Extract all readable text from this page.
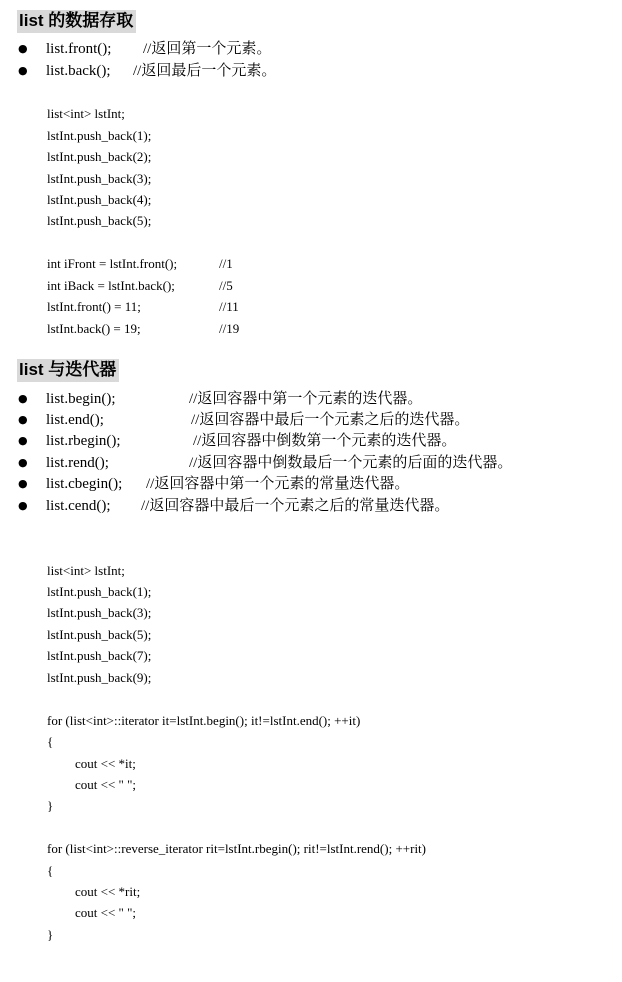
list 的数据存取
● list.front(); //返回第一个元素。
● list.back(); //返回最后一个元素。
list<int> lstInt;
lstInt.push_back(1);
lstInt.push_back(2);
lstInt.push_back(3);
lstInt.push_back(4);
lstInt.push_back(5);
int iFront = lstInt.front();	//1
int iBack = lstInt.back();	//5
lstInt.front() = 11;	//11
lstInt.back() = 19;	//19
list 与迭代器
● list.begin();	//返回容器中第一个元素的迭代器。
● list.end();	//返回容器中最后一个元素之后的迭代器。
● list.rbegin();	//返回容器中倒数第一个元素的迭代器。
● list.rend();	//返回容器中倒数最后一个元素的后面的迭代器。
● list.cbegin(); //返回容器中第一个元素的常量迭代器。
● list.cend(); //返回容器中最后一个元素之后的常量迭代器。
list<int> lstInt;
lstInt.push_back(1);
lstInt.push_back(3);
lstInt.push_back(5);
lstInt.push_back(7);
lstInt.push_back(9);
for (list<int>::iterator it=lstInt.begin(); it!=lstInt.end(); ++it)
{
cout << *it;
cout << " ";
}
for (list<int>::reverse_iterator rit=lstInt.rbegin(); rit!=lstInt.rend(); ++rit)
{
cout << *rit;
cout << " ";
}
